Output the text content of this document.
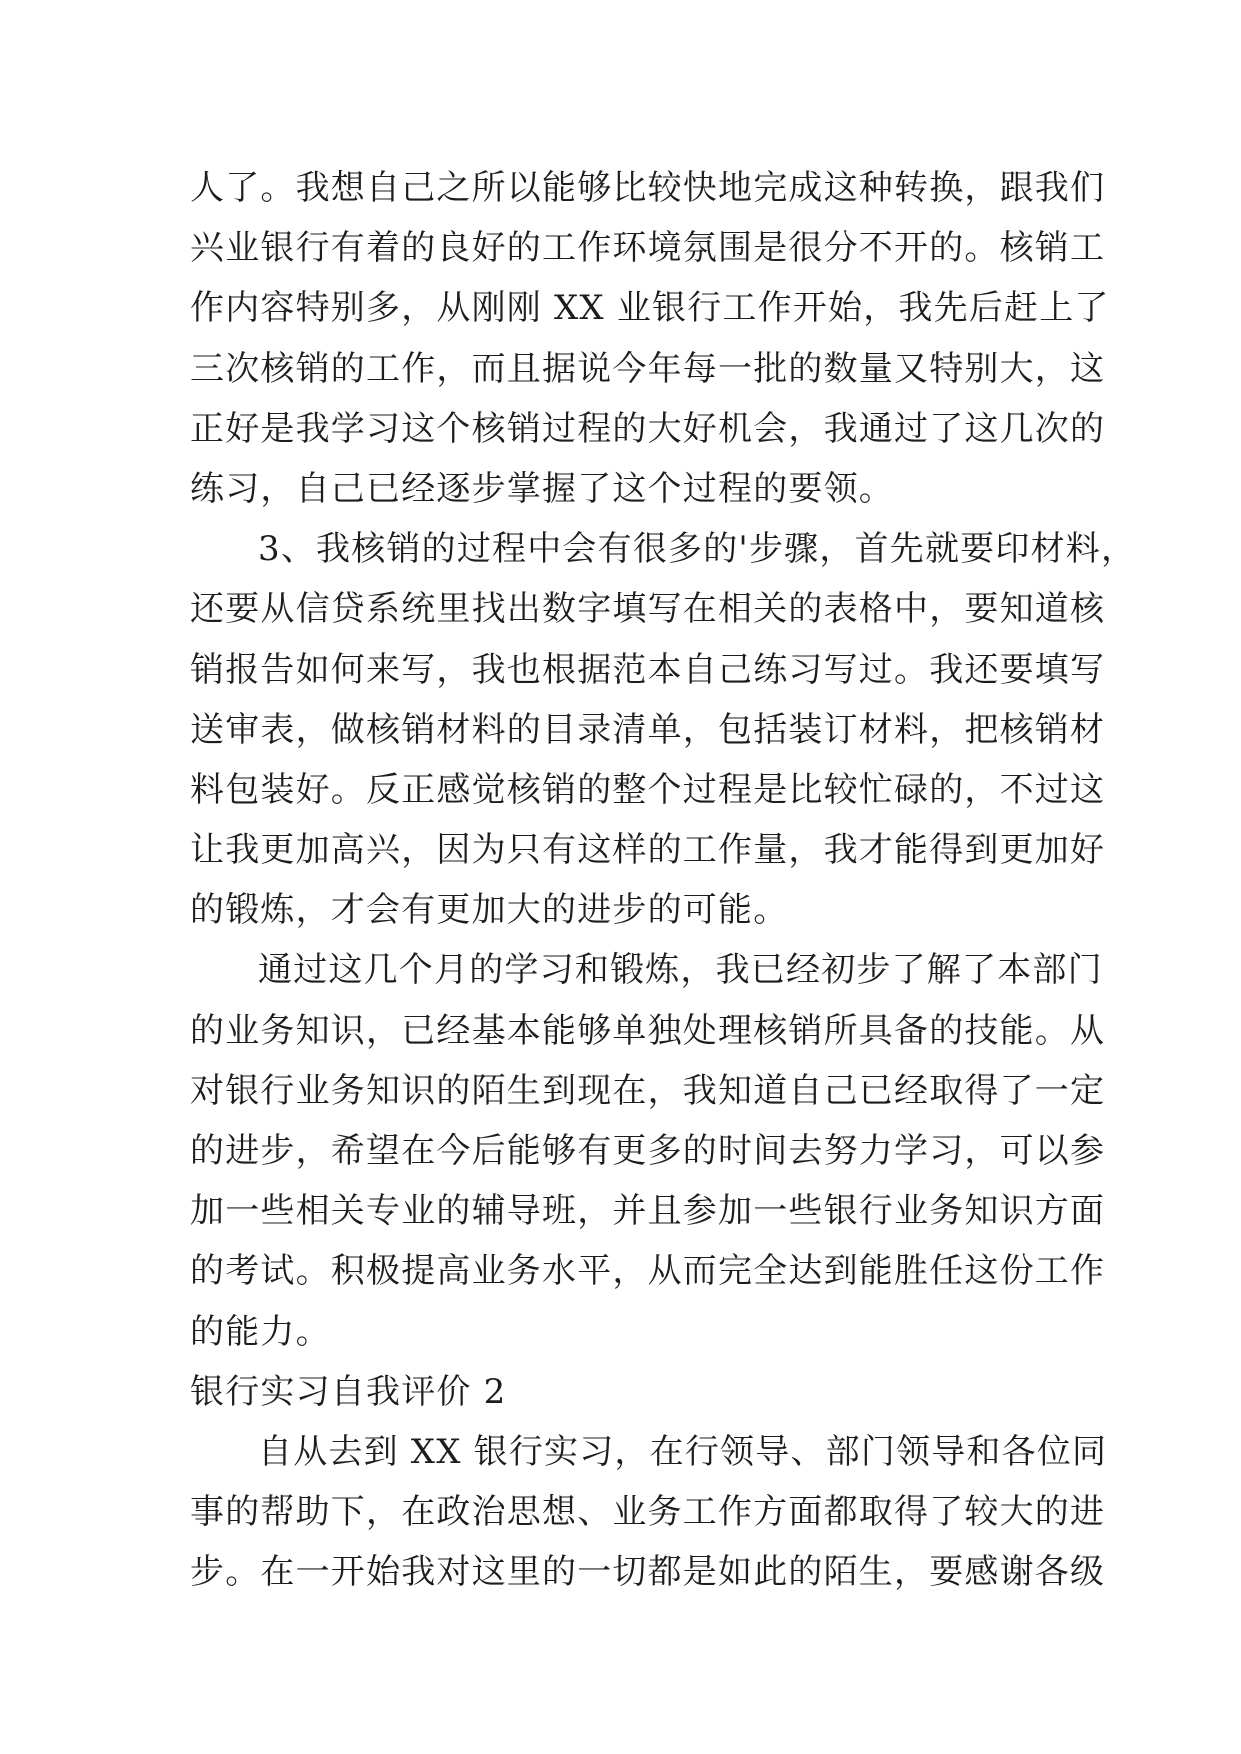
人了。我想自己之所以能够比较快地完成这种转换，跟我们
兴业银行有着的良好的工作环境氛围是很分不开的。核销工
作内容特别多，从刚刚 XX 业银行工作开始，我先后赶上了
三次核销的工作，而且据说今年每一批的数量又特别大，这
正好是我学习这个核销过程的大好机会，我通过了这几次的
练习，自己已经逐步掌握了这个过程的要领。
3、我核销的过程中会有很多的'步骤，首先就要印材料，
还要从信贷系统里找出数字填写在相关的表格中，要知道核
销报告如何来写，我也根据范本自己练习写过。我还要填写
送审表，做核销材料的目录清单，包括装订材料，把核销材
料包装好。反正感觉核销的整个过程是比较忙碌的，不过这
让我更加高兴，因为只有这样的工作量，我才能得到更加好
的锻炼，才会有更加大的进步的可能。
通过这几个月的学习和锻炼，我已经初步了解了本部门
的业务知识，已经基本能够单独处理核销所具备的技能。从
对银行业务知识的陌生到现在，我知道自己已经取得了一定
的进步，希望在今后能够有更多的时间去努力学习，可以参
加一些相关专业的辅导班，并且参加一些银行业务知识方面
的考试。积极提高业务水平，从而完全达到能胜任这份工作
的能力。
银行实习自我评价 2
自从去到 XX 银行实习，在行领导、部门领导和各位同
事的帮助下，在政治思想、业务工作方面都取得了较大的进
步。在一开始我对这里的一切都是如此的陌生，要感谢各级
